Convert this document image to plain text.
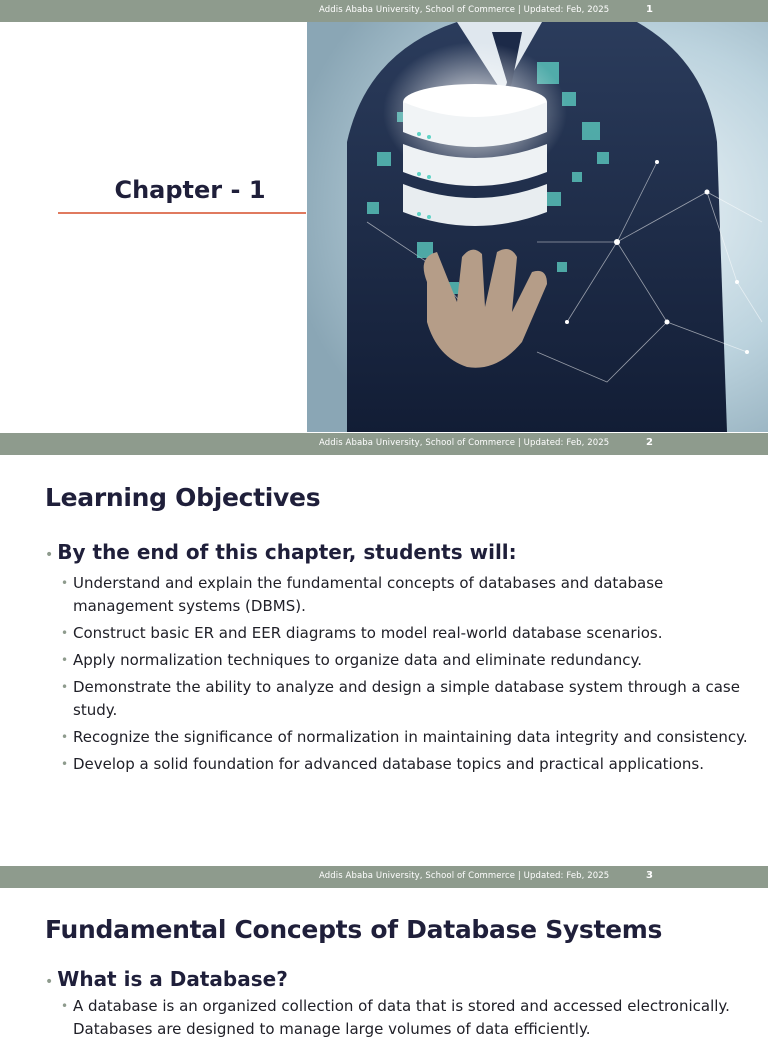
Addis Ababa University, School of Commerce | Updated: Feb, 2025	1
Chapter - 1
Addis Ababa University, School of Commerce | Updated: Feb, 2025	2
Learning Objectives
• By the end of this chapter, students will:
• Understand and explain the fundamental concepts of databases and database management systems (DBMS).
• Construct basic ER and EER diagrams to model real-world database scenarios.
• Apply normalization techniques to organize data and eliminate redundancy.
• Demonstrate the ability to analyze and design a simple database system through a case study.
• Recognize the significance of normalization in maintaining data integrity and consistency.
• Develop a solid foundation for advanced database topics and practical applications.
Addis Ababa University, School of Commerce | Updated: Feb, 2025	3
Fundamental Concepts of Database Systems
• What is a Database?
• A database is an organized collection of data that is stored and accessed electronically. Databases are designed to manage large volumes of data efficiently.
